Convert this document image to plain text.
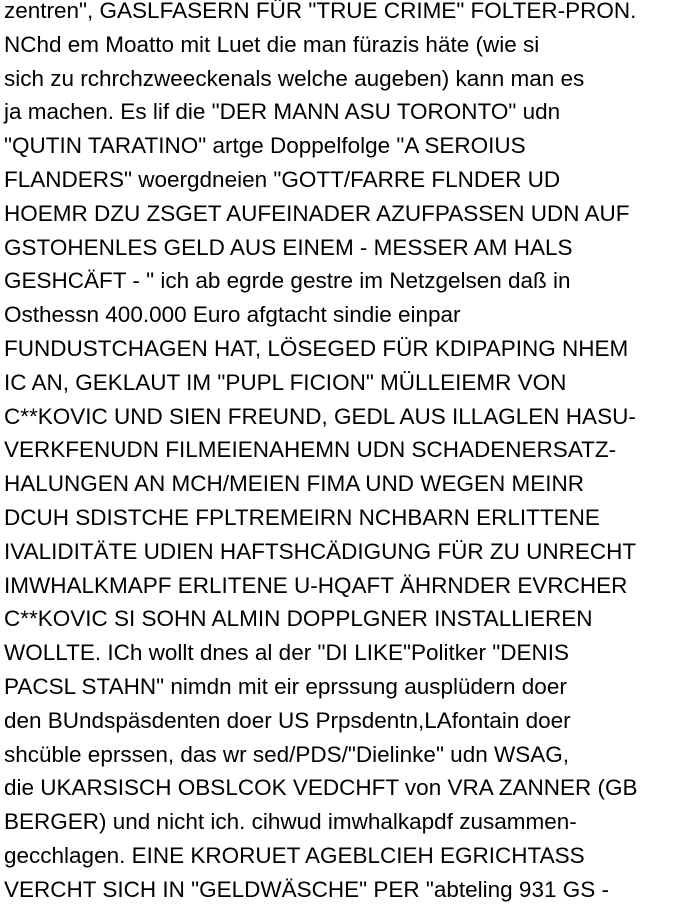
zentren", GASLFASERN FÜR "TRUE CRIME" FOLTER-PRON.
NChd em Moatto mit Luet die man fürazis häte (wie si
sich zu rchrchzweeckenals welche augeben) kann man es
ja machen. Es lif die "DER MANN ASU TORONTO" udn
"QUTIN TARATINO" artge Doppelfolge "A SEROIUS
FLANDERS" woergdneien "GOTT/FARRE FLNDER UD
HOEMR DZU ZSGET AUFEINADER AZUFPASSEN UDN AUF
GSTOHENLES GELD AUS EINEM - MESSER AM HALS
GESHCÄFT - " ich ab egrde gestre im Netzgelsen daß in
Osthessn 400.000 Euro afgtacht sindie einpar
FUNDUSTCHAGEN HAT, LÖSEGED FÜR KDIPAPING NHEM
IC AN, GEKLAUT IM "PUPL FICION" MÜLLEIEMR VON
C**KOVIC UND SIEN FREUND, GEDL AUS ILLAGLEN HASU-
VERKFENUDN FILMEIENAHEMN UDN SCHADENERSATZ-
HALUNGEN AN MCH/MEIEN FIMA UND WEGEN MEINR
DCUH SDISTCHE FPLTREMEIRN NCHBARN ERLITTENE
IVALIDITÄTE UDIEN HAFTSHCÄDIGUNG FÜR ZU UNRECHT
IMWHALKMAPF ERLITENE U-HQAFT ÄHRNDER EVRCHER
C**KOVIC SI SOHN ALMIN DOPPLGNER INSTALLIEREN
WOLLTE. ICh wollt dnes al der "DI LIKE"Politker "DENIS
PACSL STAHN" nimdn mit eir eprssung ausplüdern doer
den BUndspäsdenten doer US Prpsdentn,LAfontain doer
shcüble eprssen, das wr sed/PDS/"Dielinke" udn WSAG,
die UKARSISCH OBSLCOK VEDCHFT von VRA ZANNER (GB
BERGER) und nicht ich. cihwud imwhalkapdf zusammen-
gecchlagen. EINE KRORUET AGEBLCIEH EGRICHTASS
VERCHT SICH IN "GELDWÄSCHE" PER "abteling 931 GS -
